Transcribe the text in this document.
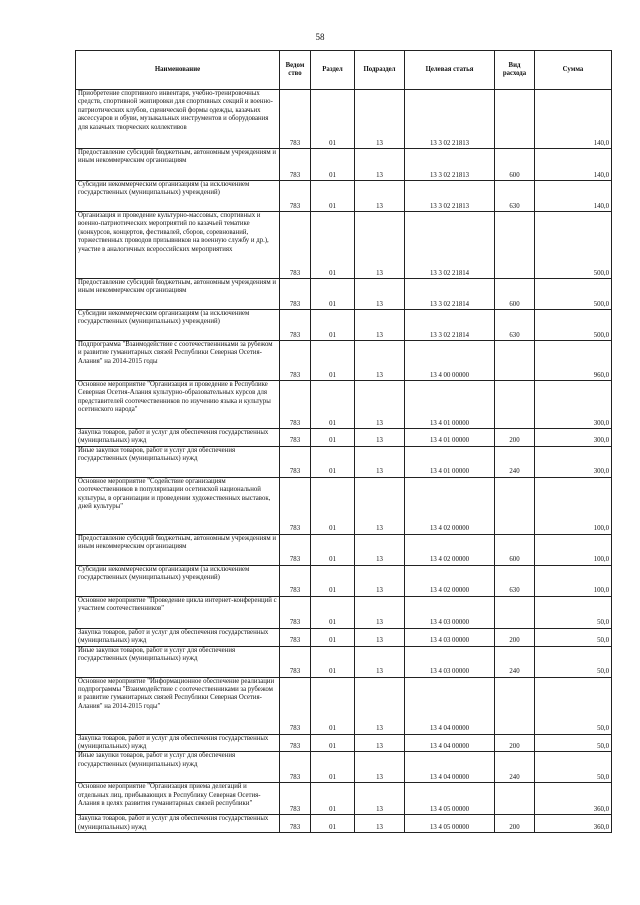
58
Наименование	Ведом ство	Раздел	Подраздел	Целевая статья	Вид расхода	Сумма
Приобретение спортивного инвентаря, учебно-тренировочных средств, спортивной экипировки для спортивных секций и военно-патриотических клубов, сценической формы одежды, казачьих аксессуаров и обуви, музыкальных инструментов и оборудования для казачьих творческих коллективов	783	01	13	13 3 02 21813		140,0
Предоставление субсидий бюджетным, автономным учреждениям и иным некоммерческим организациям	783	01	13	13 3 02 21813	600	140,0
Субсидии некоммерческим организациям (за исключением государственных (муниципальных) учреждений)	783	01	13	13 3 02 21813	630	140,0
Организация и проведение культурно-массовых, спортивных и военно-патриотических мероприятий по казачьей тематике (конкурсов, концертов, фестивалей, сборов, соревнований, торжественных проводов призывников на военную службу и др.), участие в аналогичных всероссийских мероприятиях	783	01	13	13 3 02 21814		500,0
Предоставление субсидий бюджетным, автономным учреждениям и иным некоммерческим организациям	783	01	13	13 3 02 21814	600	500,0
Субсидии некоммерческим организациям (за исключением государственных (муниципальных) учреждений)	783	01	13	13 3 02 21814	630	500,0
Подпрограмма "Взаимодействие с соотечественниками за рубежом и развитие гуманитарных связей Республики Северная Осетия-Алания" на 2014-2015 годы	783	01	13	13 4 00 00000		960,0
Основное мероприятие "Организация и проведение в Республике Северная Осетия-Алания культурно-образовательных курсов для представителей соотечественников по изучению языка и культуры осетинского народа"	783	01	13	13 4 01 00000		300,0
Закупка товаров, работ и услуг для обеспечения государственных (муниципальных) нужд	783	01	13	13 4 01 00000	200	300,0
Иные закупки товаров, работ и услуг для обеспечения государственных (муниципальных) нужд	783	01	13	13 4 01 00000	240	300,0
Основное мероприятие "Содействие организациям соотечественников в популяризации осетинской национальной культуры, в организации и проведении художественных выставок, дней культуры"	783	01	13	13 4 02 00000		100,0
Предоставление субсидий бюджетным, автономным учреждениям и иным некоммерческим организациям	783	01	13	13 4 02 00000	600	100,0
Субсидии некоммерческим организациям (за исключением государственных (муниципальных) учреждений)	783	01	13	13 4 02 00000	630	100,0
Основное мероприятие "Проведение цикла интернет-конференций с участием соотечественников"	783	01	13	13 4 03 00000		50,0
Закупка товаров, работ и услуг для обеспечения государственных (муниципальных) нужд	783	01	13	13 4 03 00000	200	50,0
Иные закупки товаров, работ и услуг для обеспечения государственных (муниципальных) нужд	783	01	13	13 4 03 00000	240	50,0
Основное мероприятие "Информационное обеспечение реализации подпрограммы "Взаимодействие с соотечественниками за рубежом и развитие гуманитарных связей Республики Северная Осетия-Алания" на 2014-2015 годы"	783	01	13	13 4 04 00000		50,0
Закупка товаров, работ и услуг для обеспечения государственных (муниципальных) нужд	783	01	13	13 4 04 00000	200	50,0
Иные закупки товаров, работ и услуг для обеспечения государственных (муниципальных) нужд	783	01	13	13 4 04 00000	240	50,0
Основное мероприятие "Организация приема делегаций и отдельных лиц, прибывающих в Республику Северная Осетия-Алания в целях развития гуманитарных связей республики"	783	01	13	13 4 05 00000		360,0
Закупка товаров, работ и услуг для обеспечения государственных (муниципальных) нужд	783	01	13	13 4 05 00000	200	360,0
